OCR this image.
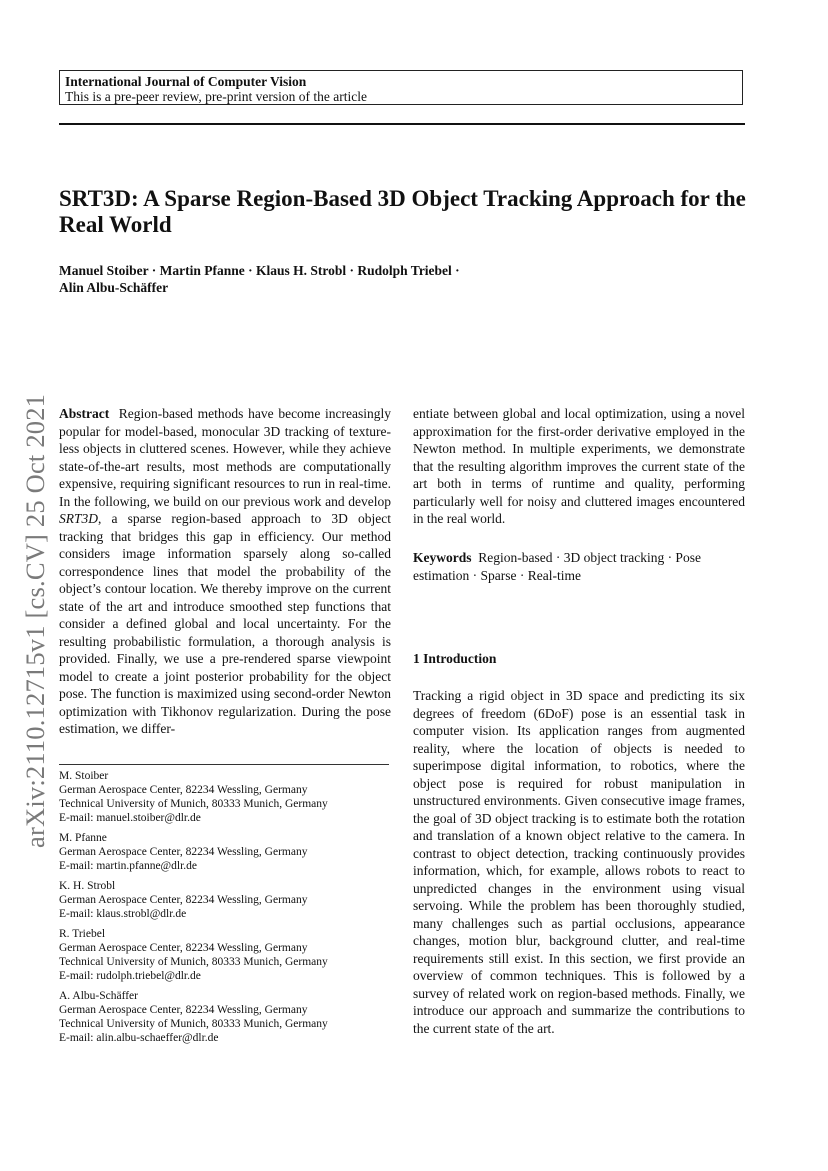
International Journal of Computer Vision
This is a pre-peer review, pre-print version of the article
arXiv:2110.12715v1 [cs.CV] 25 Oct 2021
SRT3D: A Sparse Region-Based 3D Object Tracking Approach for the Real World
Manuel Stoiber · Martin Pfanne · Klaus H. Strobl · Rudolph Triebel ·
Alin Albu-Schäffer

Abstract Region-based methods have become increasingly popular for model-based, monocular 3D tracking of texture-less objects in cluttered scenes. However, while they achieve state-of-the-art results, most methods are computationally expensive, requiring significant resources to run in real-time. In the following, we build on our previous work and develop SRT3D, a sparse region-based approach to 3D object tracking that bridges this gap in efficiency. Our method considers image information sparsely along so-called correspondence lines that model the probability of the object’s contour location. We thereby improve on the current state of the art and introduce smoothed step functions that consider a defined global and local uncertainty. For the resulting probabilistic formulation, a thorough analysis is provided. Finally, we use a pre-rendered sparse viewpoint model to create a joint posterior probability for the object pose. The function is maximized using second-order Newton optimization with Tikhonov regularization. During the pose estimation, we differ-

entiate between global and local optimization, using a novel approximation for the first-order derivative employed in the Newton method. In multiple experiments, we demonstrate that the resulting algorithm improves the current state of the art both in terms of runtime and quality, performing particularly well for noisy and cluttered images encountered in the real world.

Keywords Region-based · 3D object tracking · Pose estimation · Sparse · Real-time
M. Stoiber
German Aerospace Center, 82234 Wessling, Germany
Technical University of Munich, 80333 Munich, Germany
E-mail: manuel.stoiber@dlr.de
M. Pfanne
German Aerospace Center, 82234 Wessling, Germany
E-mail: martin.pfanne@dlr.de
K. H. Strobl
German Aerospace Center, 82234 Wessling, Germany
E-mail: klaus.strobl@dlr.de
R. Triebel
German Aerospace Center, 82234 Wessling, Germany
Technical University of Munich, 80333 Munich, Germany
E-mail: rudolph.triebel@dlr.de
A. Albu-Schäffer
German Aerospace Center, 82234 Wessling, Germany
Technical University of Munich, 80333 Munich, Germany
E-mail: alin.albu-schaeffer@dlr.de
1 Introduction

Tracking a rigid object in 3D space and predicting its six degrees of freedom (6DoF) pose is an essential task in computer vision. Its application ranges from augmented reality, where the location of objects is needed to superimpose digital information, to robotics, where the object pose is required for robust manipulation in unstructured environments. Given consecutive image frames, the goal of 3D object tracking is to estimate both the rotation and translation of a known object relative to the camera. In contrast to object detection, tracking continuously provides information, which, for example, allows robots to react to unpredicted changes in the environment using visual servoing. While the problem has been thoroughly studied, many challenges such as partial occlusions, appearance changes, motion blur, background clutter, and real-time requirements still exist. In this section, we first provide an overview of common techniques. This is followed by a survey of related work on region-based methods. Finally, we introduce our approach and summarize the contributions to the current state of the art.
